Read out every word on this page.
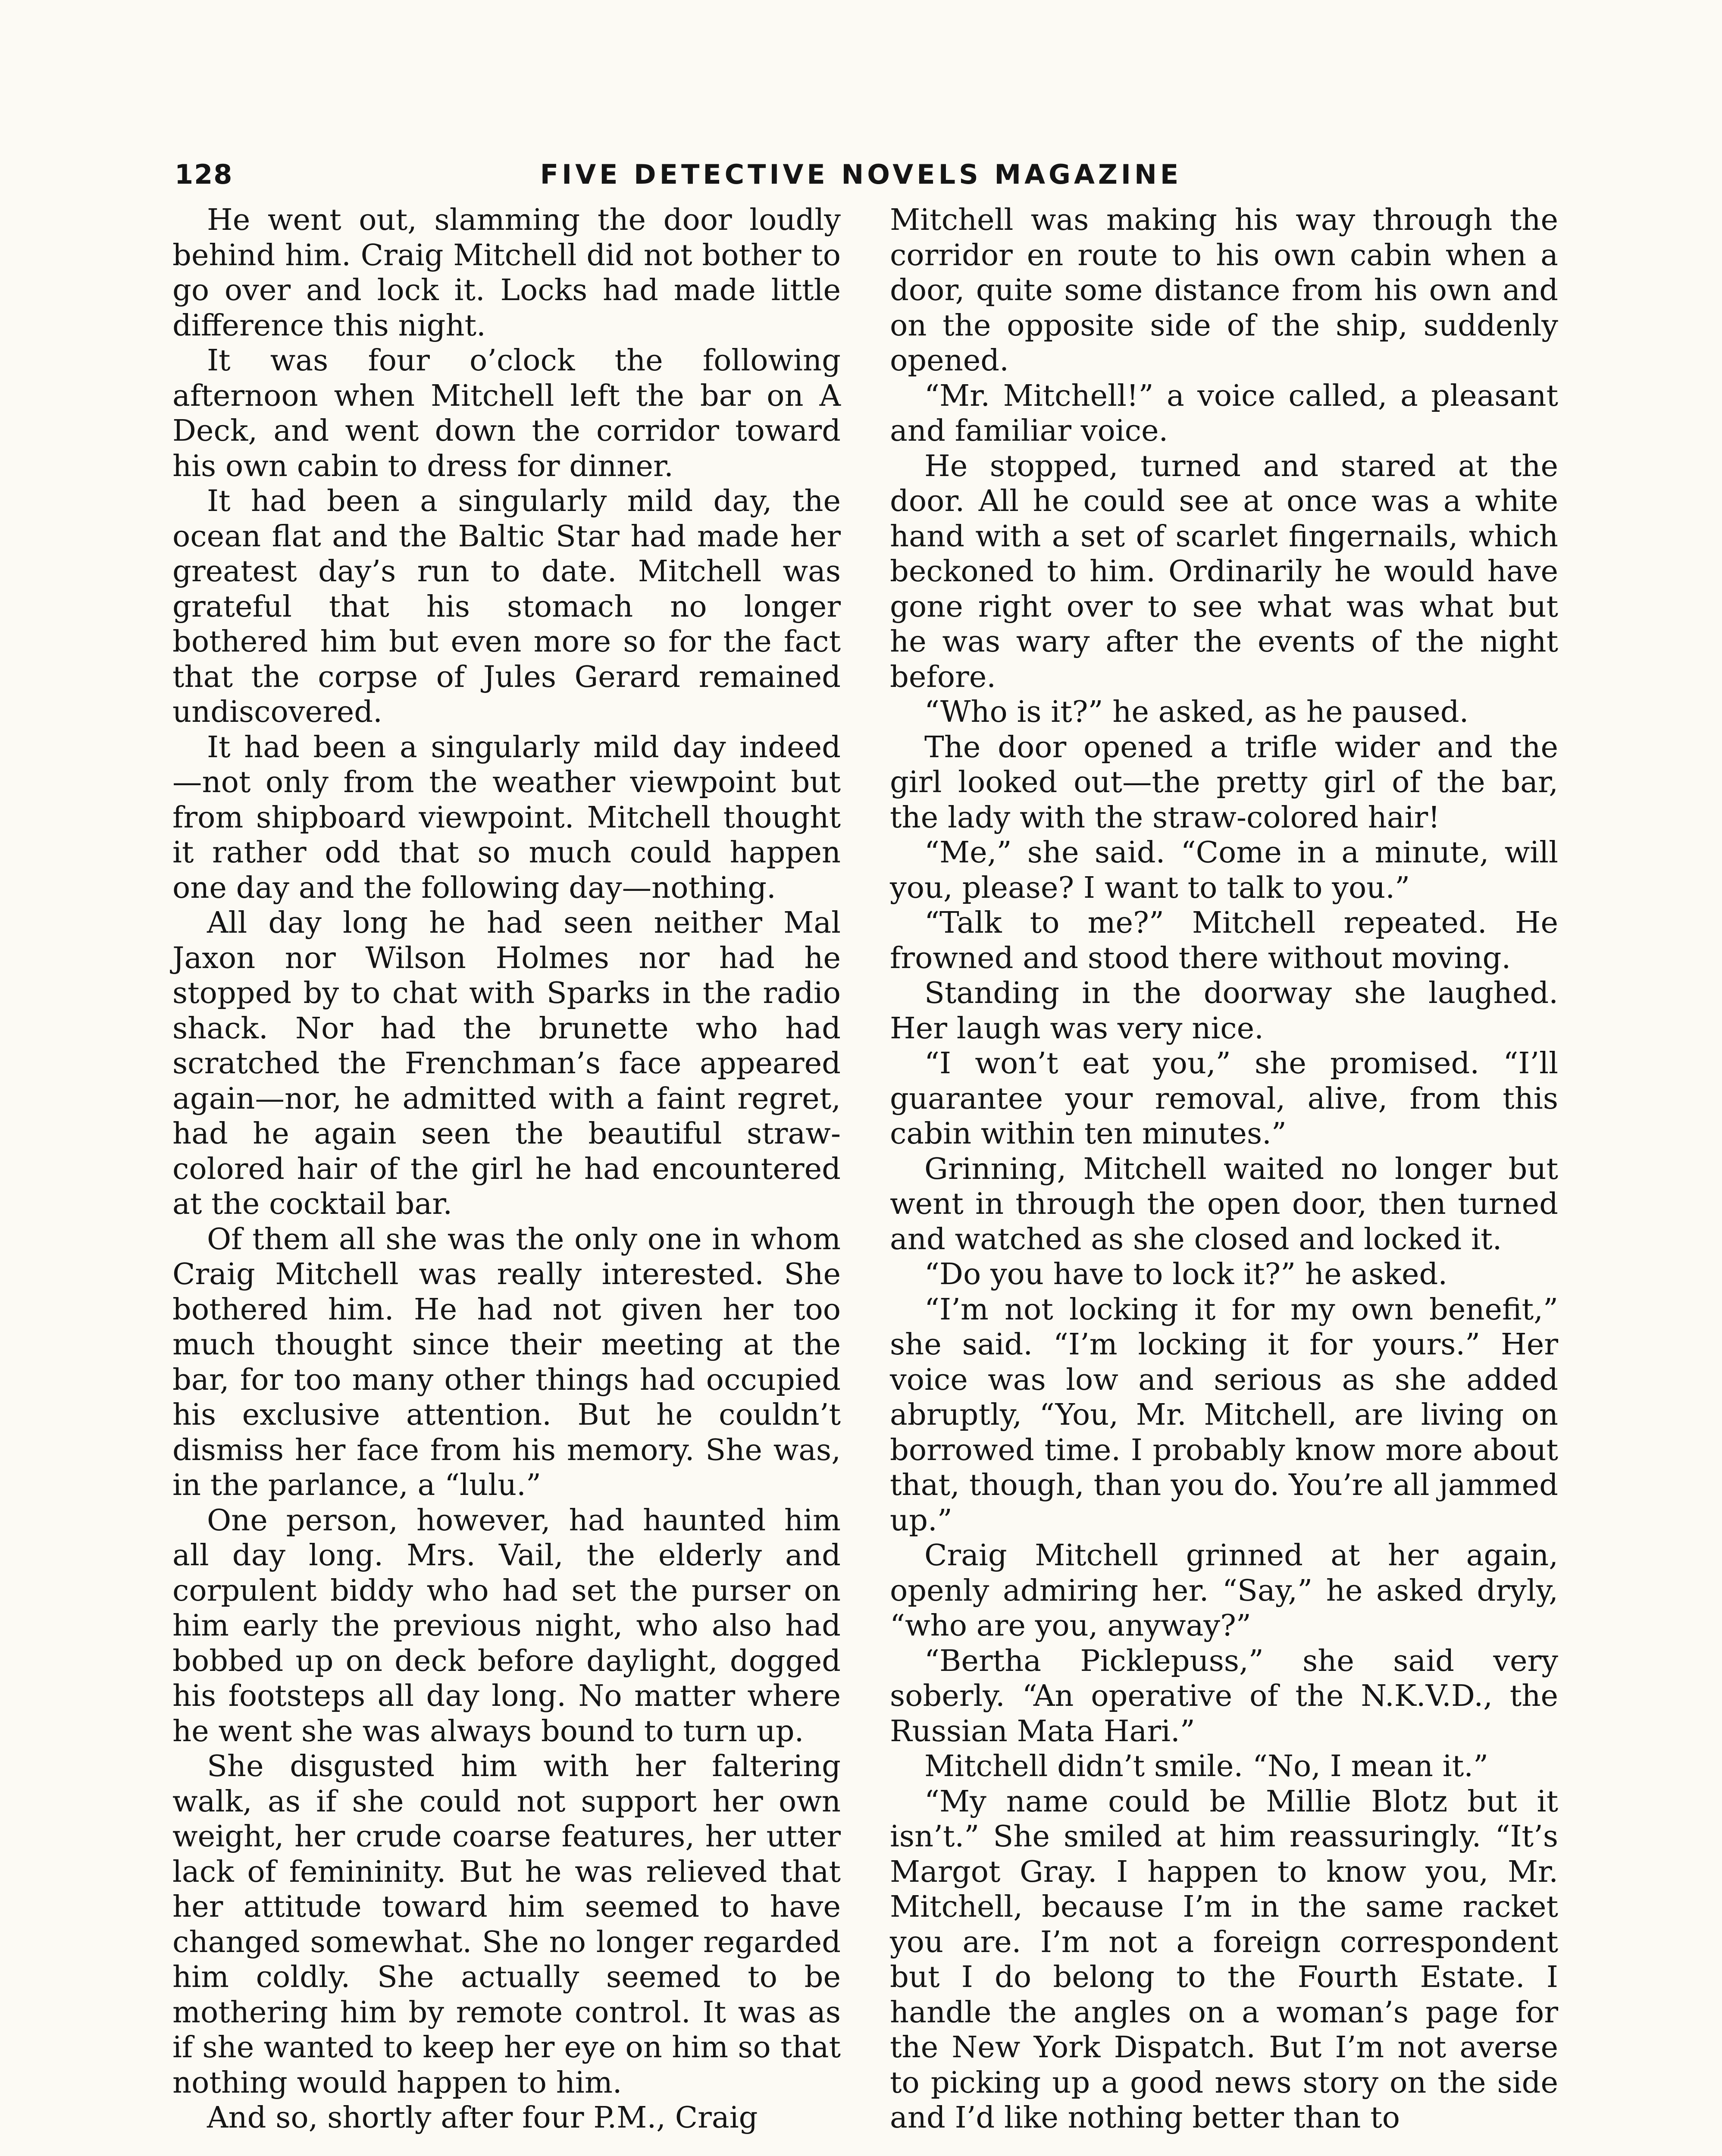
128	FIVE DETECTIVE NOVELS MAGAZINE

He went out, slamming the door loudly behind him. Craig Mitchell did not bother to go over and lock it. Locks had made little difference this night.

It was four o’clock the following afternoon when Mitchell left the bar on A Deck, and went down the corridor toward his own cabin to dress for dinner.

It had been a singularly mild day, the ocean flat and the Baltic Star had made her greatest day’s run to date. Mitchell was grateful that his stomach no longer bothered him but even more so for the fact that the corpse of Jules Gerard remained undiscovered.

It had been a singularly mild day indeed—not only from the weather viewpoint but from shipboard viewpoint. Mitchell thought it rather odd that so much could happen one day and the following day—nothing.

All day long he had seen neither Mal Jaxon nor Wilson Holmes nor had he stopped by to chat with Sparks in the radio shack. Nor had the brunette who had scratched the Frenchman’s face appeared again—nor, he admitted with a faint regret, had he again seen the beautiful straw-colored hair of the girl he had encountered at the cocktail bar.

Of them all she was the only one in whom Craig Mitchell was really interested. She bothered him. He had not given her too much thought since their meeting at the bar, for too many other things had occupied his exclusive attention. But he couldn’t dismiss her face from his memory. She was, in the parlance, a “lulu.”

One person, however, had haunted him all day long. Mrs. Vail, the elderly and corpulent biddy who had set the purser on him early the previous night, who also had bobbed up on deck before daylight, dogged his footsteps all day long. No matter where he went she was always bound to turn up.

She disgusted him with her faltering walk, as if she could not support her own weight, her crude coarse features, her utter lack of femininity. But he was relieved that her attitude toward him seemed to have changed somewhat. She no longer regarded him coldly. She actually seemed to be mothering him by remote control. It was as if she wanted to keep her eye on him so that nothing would happen to him.

And so, shortly after four P.M., Craig

Mitchell was making his way through the corridor en route to his own cabin when a door, quite some distance from his own and on the opposite side of the ship, suddenly opened.

“Mr. Mitchell!” a voice called, a pleasant and familiar voice.

He stopped, turned and stared at the door. All he could see at once was a white hand with a set of scarlet fingernails, which beckoned to him. Ordinarily he would have gone right over to see what was what but he was wary after the events of the night before.

“Who is it?” he asked, as he paused.

The door opened a trifle wider and the girl looked out—the pretty girl of the bar, the lady with the straw-colored hair!

“Me,” she said. “Come in a minute, will you, please? I want to talk to you.”

“Talk to me?” Mitchell repeated. He frowned and stood there without moving.

Standing in the doorway she laughed. Her laugh was very nice.

“I won’t eat you,” she promised. “I’ll guarantee your removal, alive, from this cabin within ten minutes.”

Grinning, Mitchell waited no longer but went in through the open door, then turned and watched as she closed and locked it.

“Do you have to lock it?” he asked.

“I’m not locking it for my own benefit,” she said. “I’m locking it for yours.” Her voice was low and serious as she added abruptly, “You, Mr. Mitchell, are living on borrowed time. I probably know more about that, though, than you do. You’re all jammed up.”

Craig Mitchell grinned at her again, openly admiring her. “Say,” he asked dryly, “who are you, anyway?”

“Bertha Picklepuss,” she said very soberly. “An operative of the N.K.V.D., the Russian Mata Hari.”

Mitchell didn’t smile. “No, I mean it.”

“My name could be Millie Blotz but it isn’t.” She smiled at him reassuringly. “It’s Margot Gray. I happen to know you, Mr. Mitchell, because I’m in the same racket you are. I’m not a foreign correspondent but I do belong to the Fourth Estate. I handle the angles on a woman’s page for the New York Dispatch. But I’m not averse to picking up a good news story on the side and I’d like nothing better than to
